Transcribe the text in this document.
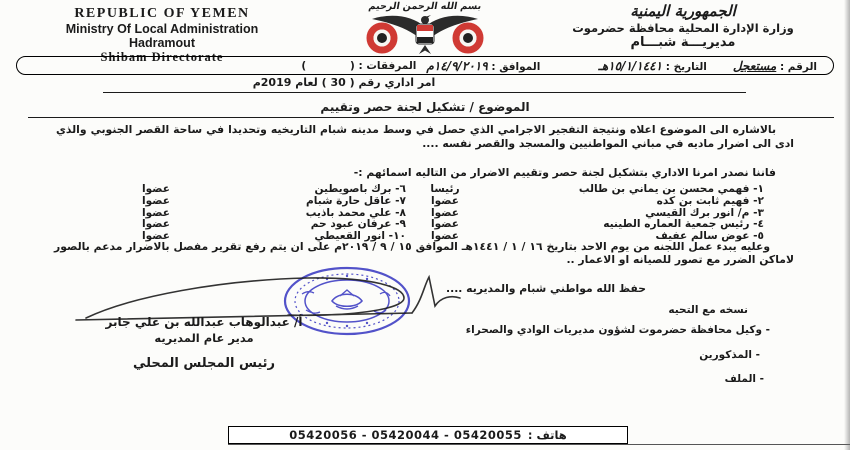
REPUBLIC OF YEMEN
Ministry Of Local Administration
Hadramout
Shibam Directorate
بسم الله الرحمن الرحيم	الجمهورية اليمنية
وزارة الإدارة المحلية محافظة حضرموت
مديريـــة شبـــام
الرقم : مستعجل
التاريخ : ١٥/١/١٤٤١هـ
الموافق : ١٤/٩/٢٠١٩م
المرفقات : (            )
امر اداري رقم ( 30 ) لعام 2019م
الموضوع / تشكيل لجنة حصر وتقييم
بالاشاره الى الموضوع اعلاه ونتيجة التفجير الاجرامي الذي حصل في وسط مدينه شبام التاريخيه وتحديدا في ساحة القصر الجنوبي والذي ادى الى اضرار ماديه في مباني المواطنيين والمسجد والقصر نفسه ....
فاننا نصدر امرنا الاداري بتشكيل لجنة حصر وتقييم الاضرار من التاليه اسمائهم :-
١- فهمي محسن بن يماني بن طالب
رئيسا
٦- برك باصويطين
عضوا
٢- فهيم ثابت بن كده
عضوا
٧- عاقل حارة شبام
عضوا
٣- م/ انور برك القيسي
عضوا
٨- علي محمد باذيب
عضوا
٤- رئيس جمعية العماره الطينيه
عضوا
٩- عرفان عبود حم
عضوا
٥- عوض سالم عفيف
عضوا
١٠- انور القعيطي
عضوا
وعليه يبدء عمل اللجنه من يوم الاحد بتاريخ ١٦ / ١ / ١٤٤١هـ الموافق ١٥ / ٩ / ٢٠١٩م على ان يتم رفع تقرير مفصل بالاضرار مدعم بالصور لاماكن الضرر مع تصور للصيانه او الاعمار ..
حفظ الله مواطني شبام والمديريه ....
أ/ عبدالوهاب عبدالله بن علي جابر
مدير عام المديريه
رئيس المجلس المحلي
نسخه مع التحيه
- وكيل محافظة حضرموت لشؤون مديريات الوادي والصحراء
- المذكورين
- الملف
هاتف :
05420056 - 05420044 - 05420055
